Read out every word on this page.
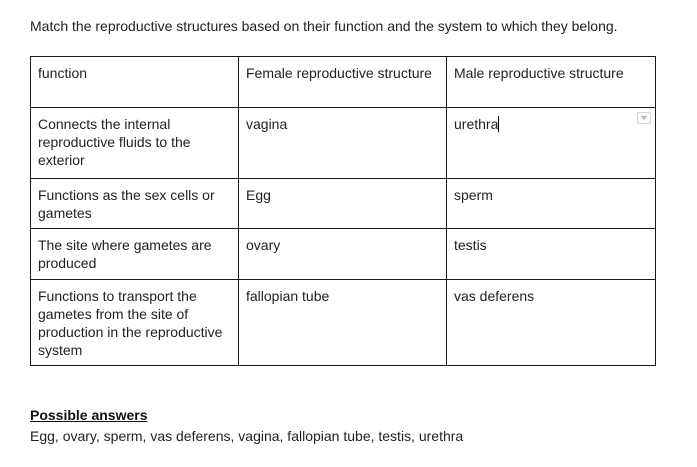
Match the reproductive structures based on their function and the system to which they belong.
function	Female reproductive structure	Male reproductive structure
Connects the internal reproductive fluids to the exterior	vagina	urethra

Functions as the sex cells or gametes	Egg	sperm
The site where gametes are produced	ovary	testis
Functions to transport the gametes from the site of production in the reproductive system	fallopian tube	vas deferens
Possible answers
Egg, ovary, sperm, vas deferens, vagina, fallopian tube, testis, urethra
